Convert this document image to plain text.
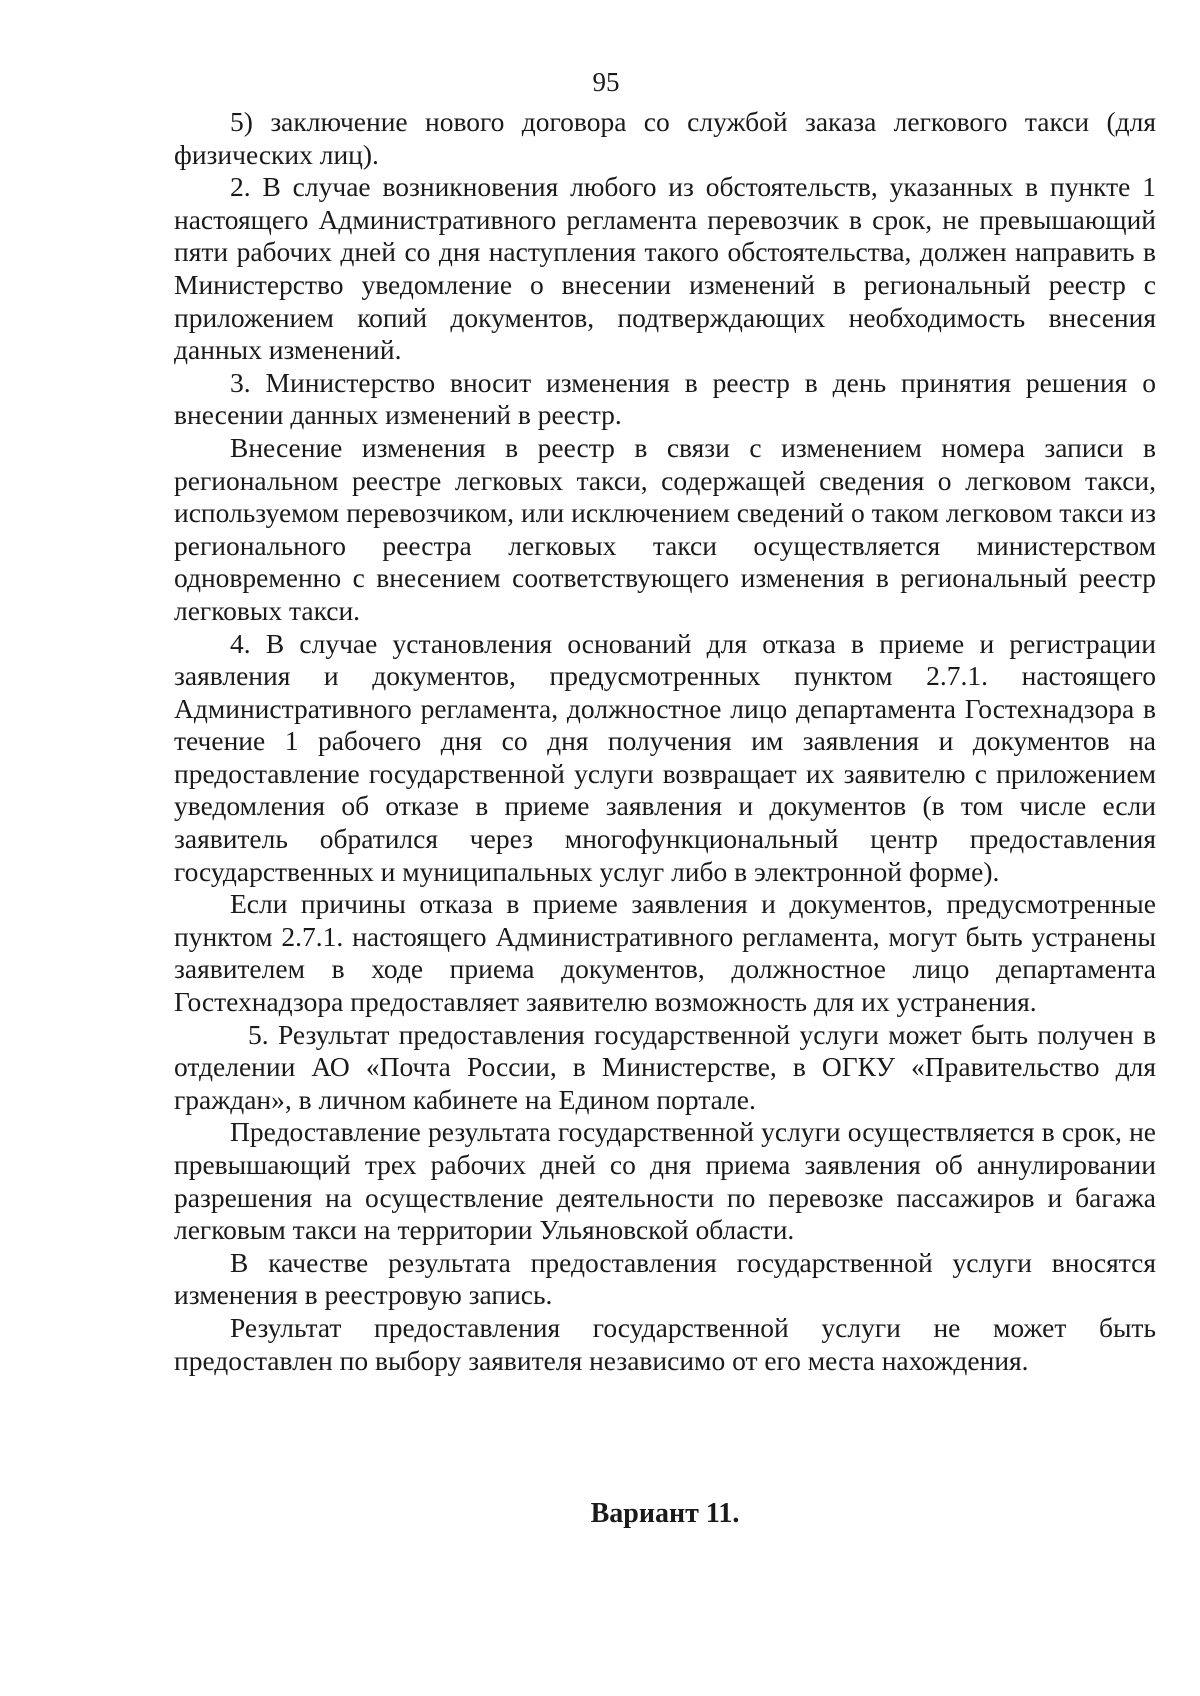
95

5) заключение нового договора со службой заказа легкового такси (для физических лиц).

2. В случае возникновения любого из обстоятельств, указанных в пункте 1 настоящего Административного регламента перевозчик в срок, не превышающий пяти рабочих дней со дня наступления такого обстоятельства, должен направить в Министерство уведомление о внесении изменений в региональный реестр с приложением копий документов, подтверждающих необходимость внесения данных изменений.

3. Министерство вносит изменения в реестр в день принятия решения о внесении данных изменений в реестр.

Внесение изменения в реестр в связи с изменением номера записи в региональном реестре легковых такси, содержащей сведения о легковом такси, используемом перевозчиком, или исключением сведений о таком легковом такси из регионального реестра легковых такси осуществляется министерством одновременно с внесением соответствующего изменения в региональный реестр легковых такси.

4. В случае установления оснований для отказа в приеме и регистрации заявления и документов, предусмотренных пунктом 2.7.1. настоящего Административного регламента, должностное лицо департамента Гостехнадзора в течение 1 рабочего дня со дня получения им заявления и документов на предоставление государственной услуги возвращает их заявителю с приложением уведомления об отказе в приеме заявления и документов (в том числе если заявитель обратился через многофункциональный центр предоставления государственных и муниципальных услуг либо в электронной форме).

Если причины отказа в приеме заявления и документов, предусмотренные пунктом 2.7.1. настоящего Административного регламента, могут быть устранены заявителем в ходе приема документов, должностное лицо департамента Гостехнадзора предоставляет заявителю возможность для их устранения.

5. Результат предоставления государственной услуги может быть получен в отделении АО «Почта России, в Министерстве, в ОГКУ «Правительство для граждан», в личном кабинете на Едином портале.

Предоставление результата государственной услуги осуществляется в срок, не превышающий трех рабочих дней со дня приема заявления об аннулировании разрешения на осуществление деятельности по перевозке пассажиров и багажа легковым такси на территории Ульяновской области.

В качестве результата предоставления государственной услуги вносятся изменения в реестровую запись.

Результат предоставления государственной услуги не может быть предоставлен по выбору заявителя независимо от его места нахождения.

Вариант 11.
